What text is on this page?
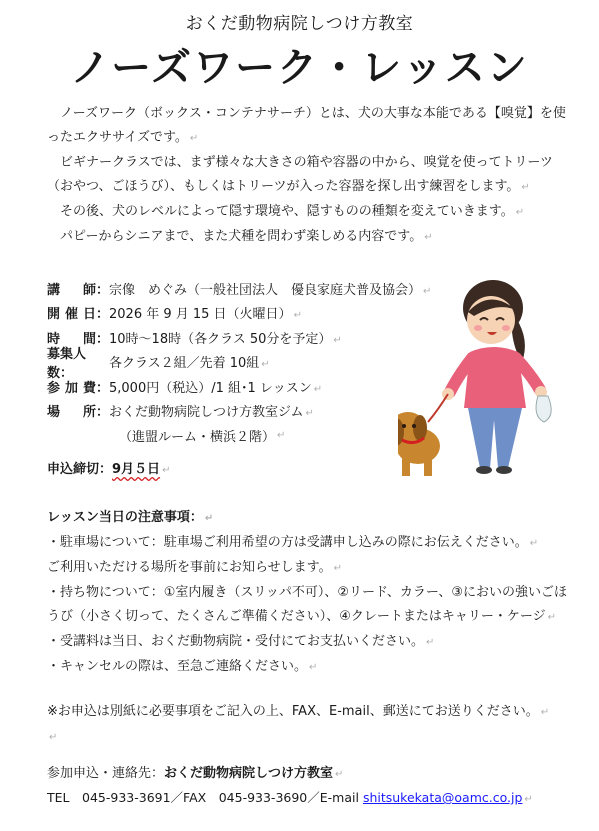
おくだ動物病院しつけ方教室
ノーズワーク・レッスン

　ノーズワーク（ボックス・コンテナサーチ）とは、犬の大事な本能である【嗅覚】を使ったエクササイズです。 ↵

　ビギナークラスでは、まず様々な大きさの箱や容器の中から、嗅覚を使ってトリーツ（おやつ、ごほうび）、もしくはトリーツが入った容器を探し出す練習をします。 ↵

　その後、犬のレベルによって隠す環境や、隠すものの種類を変えていきます。 ↵

　パピーからシニアまで、また犬種を問わず楽しめる内容です。 ↵

講 師： 宗像　めぐみ（一般社団法人　優良家庭犬普及協会） ↵
開 催 日： 2026 年 9 月 15 日（火曜日） ↵
時 間： 10時～18時（各クラス 50分を予定） ↵
募集人数：
各クラス２組／先着 10組 ↵
参 加 費： 5,000円（税込）/1 組･1 レッスン ↵
場 所： おくだ動物病院しつけ方教室ジム ↵
（進盟ルーム・横浜２階） ↵
申込締切：9月５日 ↵

レッスン当日の注意事項： ↵

・駐車場について：駐車場ご利用希望の方は受講申し込みの際にお伝えください。 ↵

ご利用いただける場所を事前にお知らせします。 ↵

・持ち物について：①室内履き（スリッパ不可）、②リード、カラー、③においの強いごほうび（小さく切って、たくさんご準備ください）、④クレートまたはキャリー・ケージ ↵

・受講料は当日、おくだ動物病院・受付にてお支払いください。 ↵

・キャンセルの際は、至急ご連絡ください。 ↵

※お申込は別紙に必要事項をご記入の上、FAX、E-mail、郵送にてお送りください。 ↵

↵

参加申込・連絡先：おくだ動物病院しつけ方教室 ↵
TEL　045-933-3691／FAX　045-933-3690／E-mail shitsukekata@oamc.co.jp ↵
